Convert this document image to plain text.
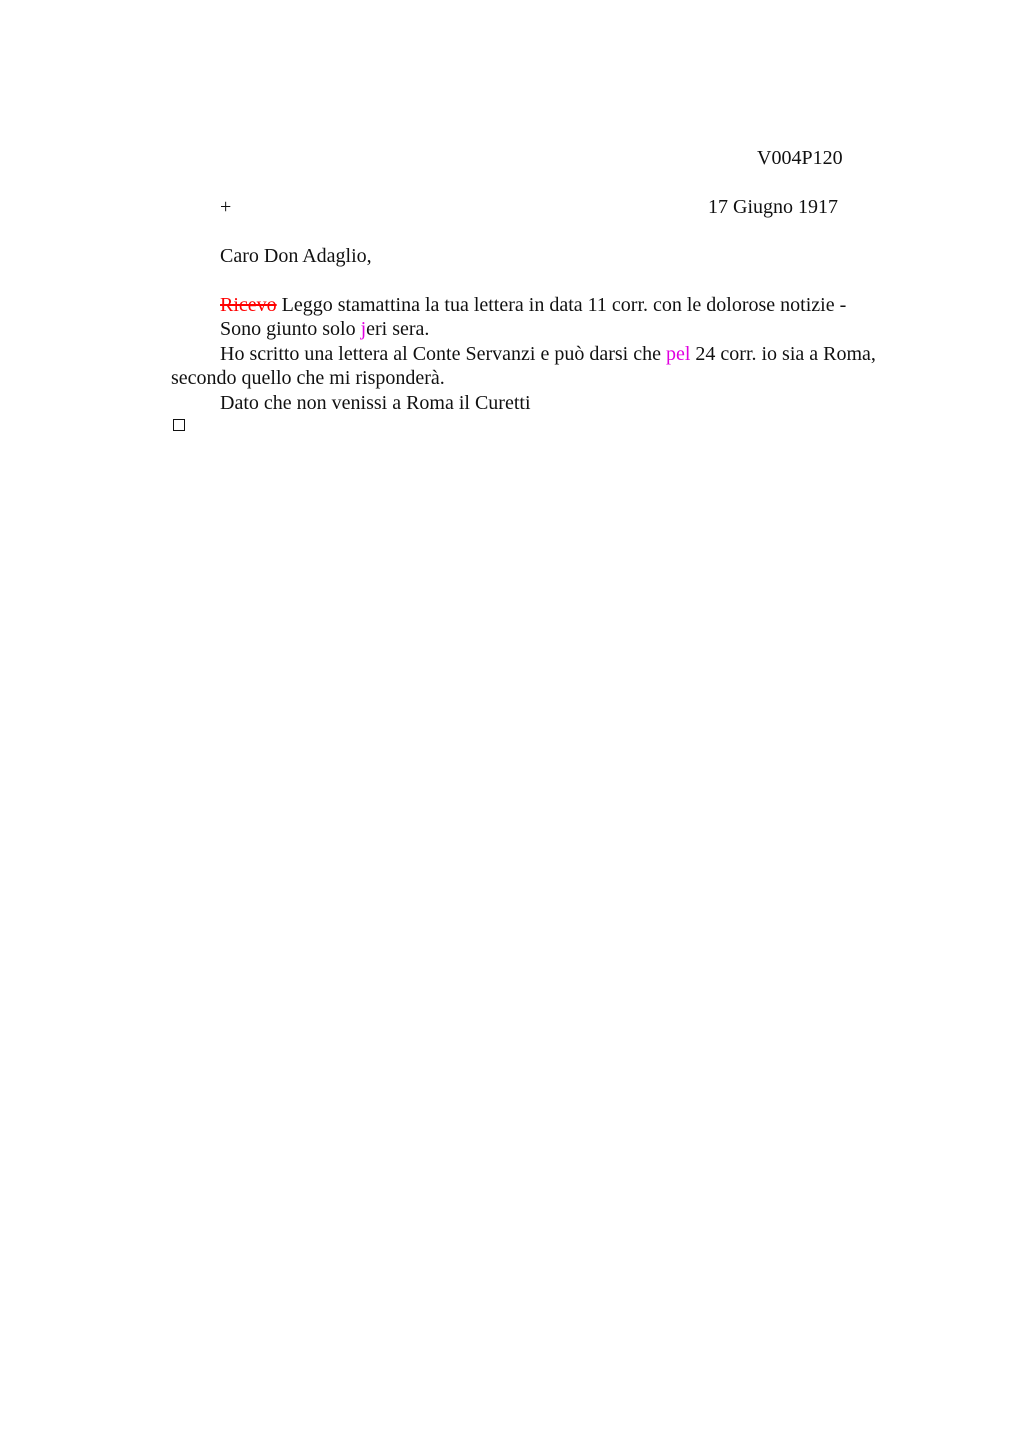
V004P120
+	17 Giugno 1917
Caro Don Adaglio,
Ricevo Leggo stamattina la tua lettera in data 11 corr. con le dolorose notizie -
Sono giunto solo jeri sera.
Ho scritto una lettera al Conte Servanzi e può darsi che pel 24 corr. io sia a Roma,
secondo quello che mi risponderà.
Dato che non venissi a Roma il Curetti
